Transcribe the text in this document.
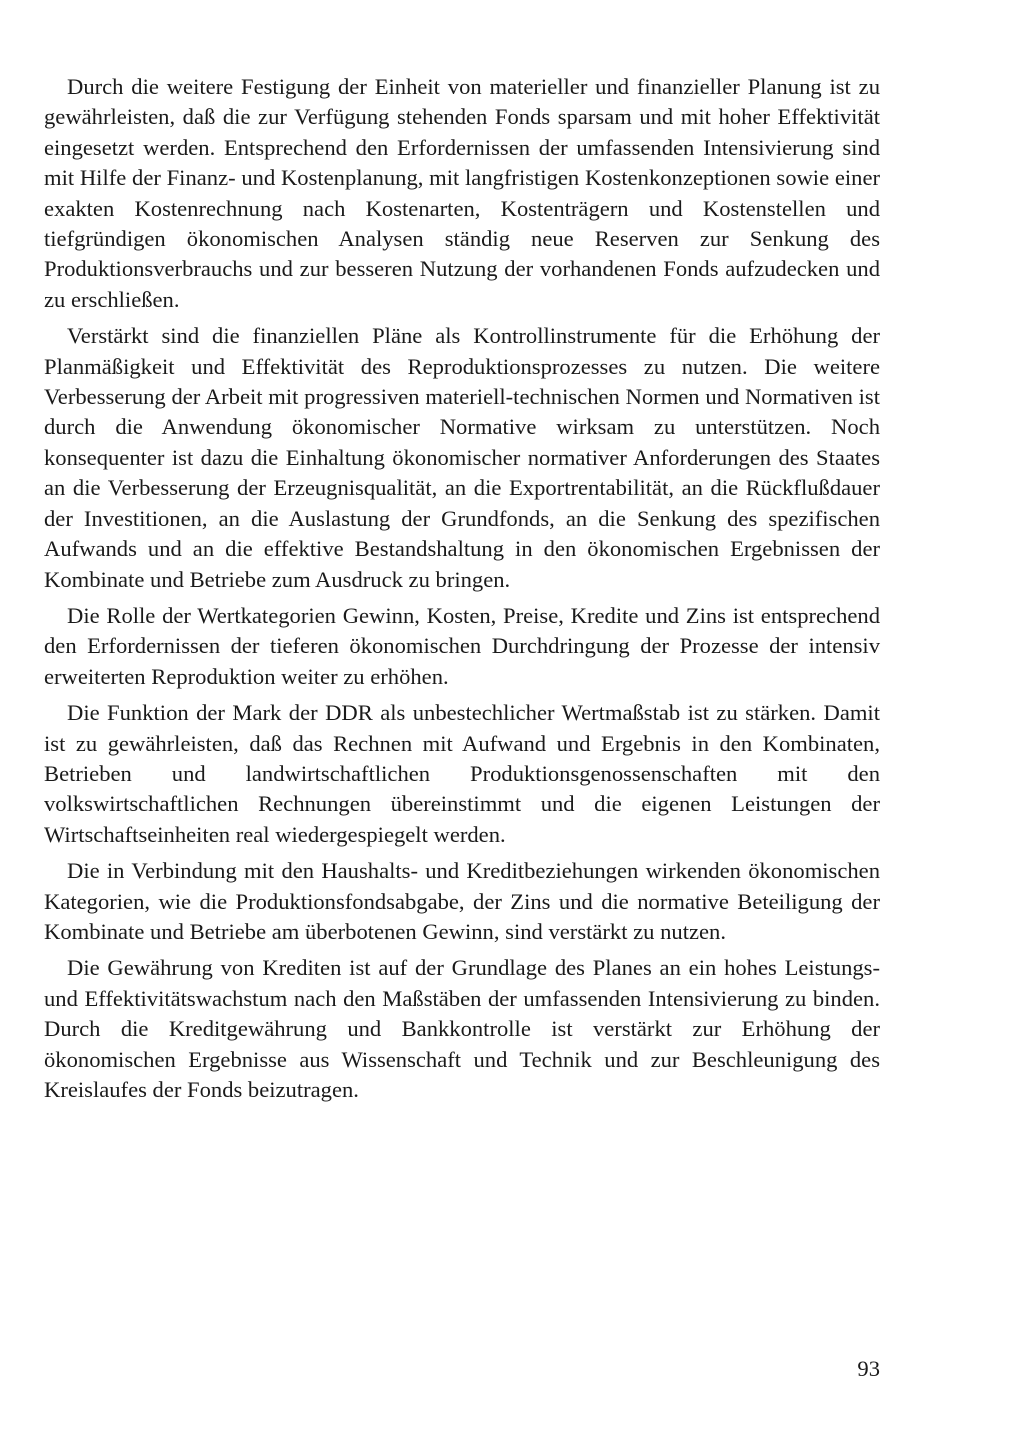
Durch die weitere Festigung der Einheit von materieller und finanzieller Planung ist zu gewährleisten, daß die zur Verfügung stehenden Fonds sparsam und mit hoher Effektivität eingesetzt werden. Entsprechend den Erfordernissen der umfassenden Intensivierung sind mit Hilfe der Finanz- und Kostenplanung, mit langfristigen Kostenkonzeptionen sowie einer exakten Kostenrechnung nach Kostenarten, Kostenträgern und Kostenstellen und tiefgründigen ökonomischen Analysen ständig neue Reserven zur Senkung des Produktionsverbrauchs und zur besseren Nutzung der vorhandenen Fonds aufzudecken und zu erschließen.

Verstärkt sind die finanziellen Pläne als Kontrollinstrumente für die Erhöhung der Planmäßigkeit und Effektivität des Reproduktionsprozesses zu nutzen. Die weitere Verbesserung der Arbeit mit progressiven materiell-technischen Normen und Normativen ist durch die Anwendung ökonomischer Normative wirksam zu unterstützen. Noch konsequenter ist dazu die Einhaltung ökonomischer normativer Anforderungen des Staates an die Verbesserung der Erzeugnisqualität, an die Exportrentabilität, an die Rückflußdauer der Investitionen, an die Auslastung der Grundfonds, an die Senkung des spezifischen Aufwands und an die effektive Bestandshaltung in den ökonomischen Ergebnissen der Kombinate und Betriebe zum Ausdruck zu bringen.

Die Rolle der Wertkategorien Gewinn, Kosten, Preise, Kredite und Zins ist entsprechend den Erfordernissen der tieferen ökonomischen Durchdringung der Prozesse der intensiv erweiterten Reproduktion weiter zu erhöhen.

Die Funktion der Mark der DDR als unbestechlicher Wertmaßstab ist zu stärken. Damit ist zu gewährleisten, daß das Rechnen mit Aufwand und Ergebnis in den Kombinaten, Betrieben und landwirtschaftlichen Produktionsgenossenschaften mit den volkswirtschaftlichen Rechnungen übereinstimmt und die eigenen Leistungen der Wirtschaftseinheiten real wiedergespiegelt werden.

Die in Verbindung mit den Haushalts- und Kreditbeziehungen wirkenden ökonomischen Kategorien, wie die Produktionsfondsabgabe, der Zins und die normative Beteiligung der Kombinate und Betriebe am überbotenen Gewinn, sind verstärkt zu nutzen.

Die Gewährung von Krediten ist auf der Grundlage des Planes an ein hohes Leistungs- und Effektivitätswachstum nach den Maßstäben der umfassenden Intensivierung zu binden. Durch die Kreditgewährung und Bankkontrolle ist verstärkt zur Erhöhung der ökonomischen Ergebnisse aus Wissenschaft und Technik und zur Beschleunigung des Kreislaufes der Fonds beizutragen.

93
